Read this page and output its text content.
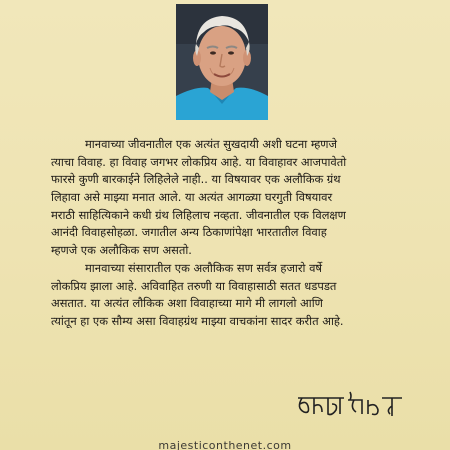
मानवाच्या जीवनातील एक अत्यंत सुखदायी अशी घटना म्हणजे
त्याचा विवाह. हा विवाह जगभर लोकप्रिय आहे. या विवाहावर आजपावेतो
फारसे कुणी बारकाईने लिहिलेले नाही.. या विषयावर एक अलौकिक ग्रंथ
लिहावा असे माझ्या मनात आले. या अत्यंत आगळ्या घरगुती विषयावर
मराठी साहित्यिकाने कधी ग्रंथ लिहिलाच नव्हता. जीवनातील एक विलक्षण
आनंदी विवाहसोहळा. जगातील अन्य ठिकाणांपेक्षा भारतातील विवाह
म्हणजे एक अलौकिक सण असतो.
मानवाच्या संसारातील एक अलौकिक सण सर्वत्र हजारो वर्षे
लोकप्रिय झाला आहे. अविवाहित तरुणी या विवाहासाठी सतत धडपडत
असतात. या अत्यंत लौकिक अशा विवाहाच्या मागे मी लागलो आणि
त्यांतून हा एक सौम्य असा विवाहग्रंथ माझ्या वाचकांना सादर करीत आहे.
majesticonthenet.com
